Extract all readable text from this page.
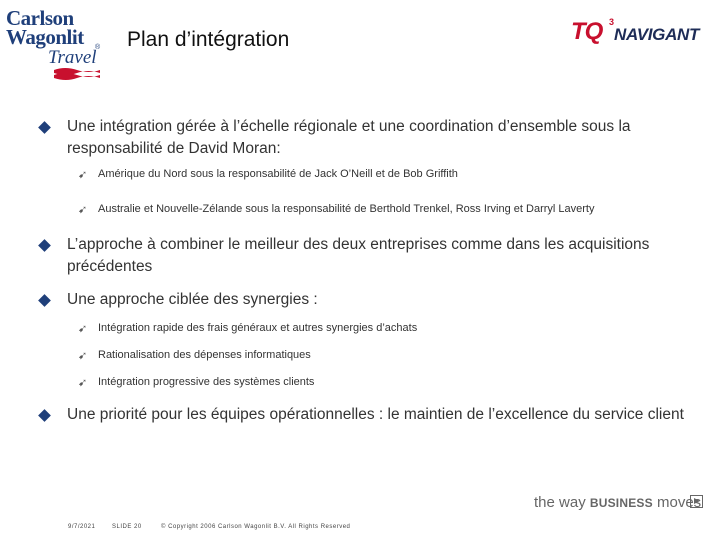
Carlson
Wagonlit
Travel
® Plan d’intégration	TQ 3
NAVIGANT
Une intégration gérée à l’échelle régionale et une coordination d’ensemble sous la responsabilité de David Moran:
➹ Amérique du Nord sous la responsabilité de Jack O’Neill et de Bob Griffith
➹ Australie et Nouvelle-Zélande sous la responsabilité de Berthold Trenkel, Ross Irving et Darryl Laverty
L’approche à combiner le meilleur des deux entreprises comme dans les acquisitions précédentes
Une approche ciblée des synergies :
➹ Intégration rapide des frais généraux et autres synergies d’achats
➹ Rationalisation des dépenses informatiques
➹ Intégration progressive des systèmes clients
Une priorité pour les équipes opérationnelles : le maintien de l’excellence du service client
the way BUSINESS moves
9/7/2021	SLIDE 20	© Copyright 2006 Carlson Wagonlit B.V. All Rights Reserved
